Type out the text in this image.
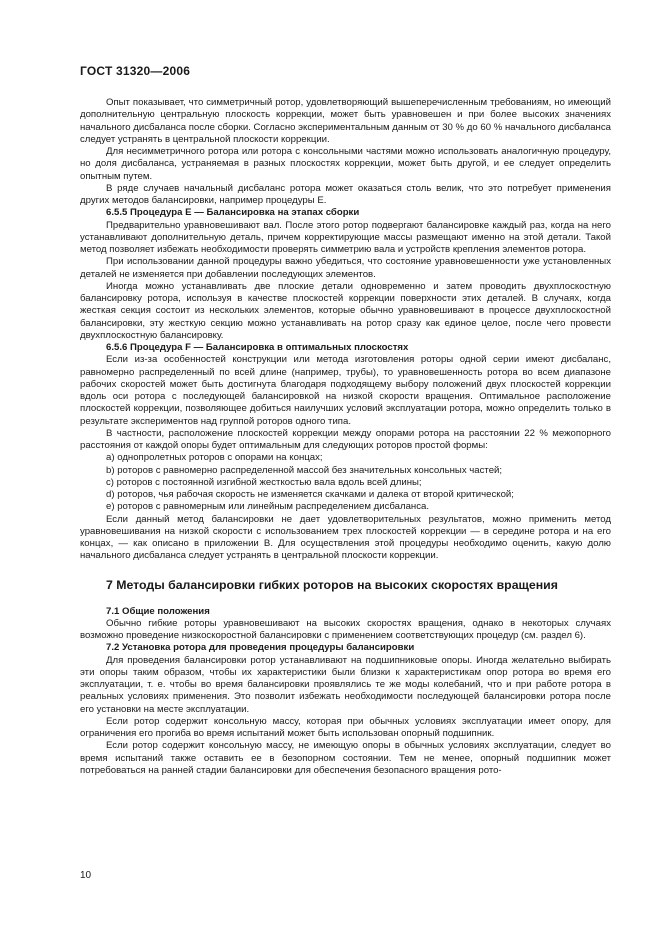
ГОСТ 31320—2006

Опыт показывает, что симметричный ротор, удовлетворяющий вышеперечисленным требованиям, но имеющий дополнительную центральную плоскость коррекции, может быть уравновешен и при более высоких значениях начального дисбаланса после сборки. Согласно экспериментальным данным от 30 % до 60 % начального дисбаланса следует устранять в центральной плоскости коррекции.

Для несимметричного ротора или ротора с консольными частями можно использовать аналогичную процедуру, но доля дисбаланса, устраняемая в разных плоскостях коррекции, может быть другой, и ее следует определить опытным путем.

В ряде случаев начальный дисбаланс ротора может оказаться столь велик, что это потребует применения других методов балансировки, например процедуры Е.

6.5.5 Процедура Е — Балансировка на этапах сборки

Предварительно уравновешивают вал. После этого ротор подвергают балансировке каждый раз, когда на него устанавливают дополнительную деталь, причем корректирующие массы размещают именно на этой детали. Такой метод позволяет избежать необходимости проверять симметрию вала и устройств крепления элементов ротора.

При использовании данной процедуры важно убедиться, что состояние уравновешенности уже установленных деталей не изменяется при добавлении последующих элементов.

Иногда можно устанавливать две плоские детали одновременно и затем проводить двухплоскостную балансировку ротора, используя в качестве плоскостей коррекции поверхности этих деталей. В случаях, когда жесткая секция состоит из нескольких элементов, которые обычно уравновешивают в процессе двухплоскостной балансировки, эту жесткую секцию можно устанавливать на ротор сразу как единое целое, после чего провести двухплоскостную балансировку.

6.5.6 Процедура F — Балансировка в оптимальных плоскостях

Если из-за особенностей конструкции или метода изготовления роторы одной серии имеют дисбаланс, равномерно распределенный по всей длине (например, трубы), то уравновешенность ротора во всем диапазоне рабочих скоростей может быть достигнута благодаря подходящему выбору положений двух плоскостей коррекции вдоль оси ротора с последующей балансировкой на низкой скорости вращения. Оптимальное расположение плоскостей коррекции, позволяющее добиться наилучших условий эксплуатации ротора, можно определить только в результате экспериментов над группой роторов одного типа.

В частности, расположение плоскостей коррекции между опорами ротора на расстоянии 22 % межопорного расстояния от каждой опоры будет оптимальным для следующих роторов простой формы:

a) однопролетных роторов с опорами на концах;

b) роторов с равномерно распределенной массой без значительных консольных частей;

c) роторов с постоянной изгибной жесткостью вала вдоль всей длины;

d) роторов, чья рабочая скорость не изменяется скачками и далека от второй критической;

e) роторов с равномерным или линейным распределением дисбаланса.

Если данный метод балансировки не дает удовлетворительных результатов, можно применить метод уравновешивания на низкой скорости с использованием трех плоскостей коррекции — в середине ротора и на его концах, — как описано в приложении В. Для осуществления этой процедуры необходимо оценить, какую долю начального дисбаланса следует устранять в центральной плоскости коррекции.

7 Методы балансировки гибких роторов на высоких скоростях вращения

7.1 Общие положения

Обычно гибкие роторы уравновешивают на высоких скоростях вращения, однако в некоторых случаях возможно проведение низкоскоростной балансировки с применением соответствующих процедур (см. раздел 6).

7.2 Установка ротора для проведения процедуры балансировки

Для проведения балансировки ротор устанавливают на подшипниковые опоры. Иногда желательно выбирать эти опоры таким образом, чтобы их характеристики были близки к характеристикам опор ротора во время его эксплуатации, т. е. чтобы во время балансировки проявлялись те же моды колебаний, что и при работе ротора в реальных условиях применения. Это позволит избежать необходимости последующей балансировки ротора после его установки на месте эксплуатации.

Если ротор содержит консольную массу, которая при обычных условиях эксплуатации имеет опору, для ограничения его прогиба во время испытаний может быть использован опорный подшипник.

Если ротор содержит консольную массу, не имеющую опоры в обычных условиях эксплуатации, следует во время испытаний также оставить ее в безопорном состоянии. Тем не менее, опорный подшипник может потребоваться на ранней стадии балансировки для обеспечения безопасного вращения рото-

10
